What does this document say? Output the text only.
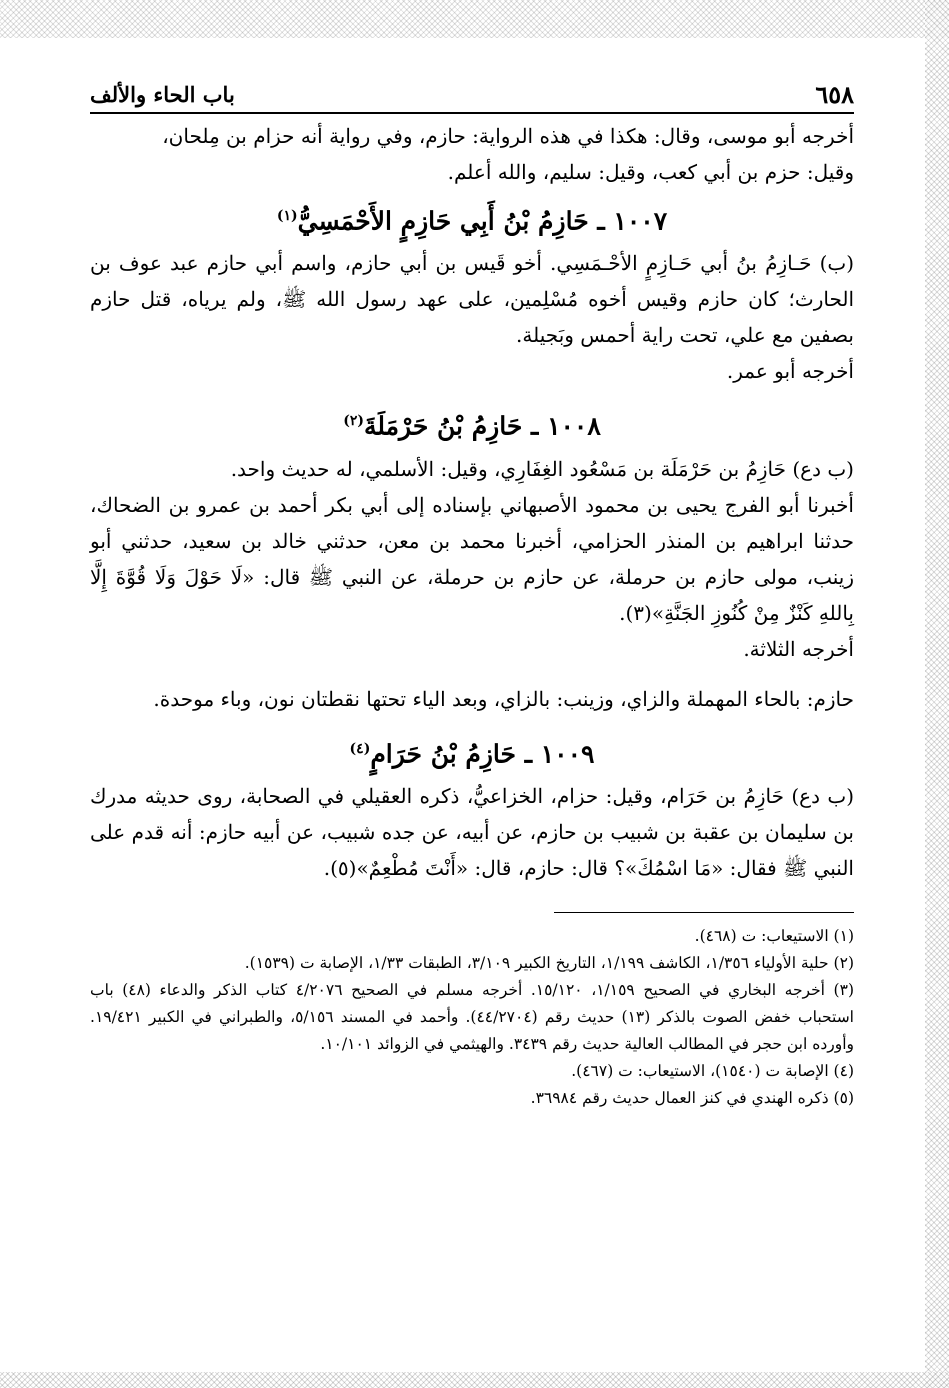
٦٥٨
باب الحاء والألف

أخرجه أبو موسى، وقال: هكذا في هذه الرواية: حازم، وفي رواية أنه حزام بن مِلحان،

وقيل: حزم بن أبي كعب، وقيل: سليم، والله أعلم.

١٠٠٧ ـ حَازِمُ بْنُ أَبِي حَازِمٍ الأَحْمَسِيُّ$^{(١)}$

(ب) حَـازِمُ بنُ أبي حَـازِمٍ الأحْـمَسِي. أخو قَيس بن أبي حازم، واسم أبي حازم عبد عوف بن الحارث؛ كان حازم وقيس أخوه مُسْلِمين، على عهد رسول الله ﷺ، ولم يرياه، قتل حازم بصفين مع علي، تحت راية أحمس وبَجيلة.

أخرجه أبو عمر.

١٠٠٨ ـ حَازِمُ بْنُ حَرْمَلَةَ$^{(٢)}$

(ب دع) حَازِمُ بن حَرْمَلَة بن مَسْعُود الغِفَارِي، وقيل: الأسلمي، له حديث واحد.

أخبرنا أبو الفرج يحيى بن محمود الأصبهاني بإسناده إلى أبي بكر أحمد بن عمرو بن الضحاك، حدثنا ابراهيم بن المنذر الحزامي، أخبرنا محمد بن معن، حدثني خالد بن سعيد، حدثني أبو زينب، مولى حازم بن حرملة، عن حازم بن حرملة، عن النبي ﷺ قال: «لَا حَوْلَ وَلَا قُوَّةَ إِلَّا بِاللهِ كَنْزٌ مِنْ كُنُوزِ الجَنَّةِ»(٣).

أخرجه الثلاثة.

حازم: بالحاء المهملة والزاي، وزينب: بالزاي، وبعد الياء تحتها نقطتان نون، وباء موحدة.

١٠٠٩ ـ حَازِمُ بْنُ حَرَامٍ$^{(٤)}$

(ب دع) حَازِمُ بن حَرَام، وقيل: حزام، الخزاعيُّ، ذكره العقيلي في الصحابة، روى حديثه مدرك بن سليمان بن عقبة بن شبيب بن حازم، عن أبيه، عن جده شبيب، عن أبيه حازم: أنه قدم على النبي ﷺ فقال: «مَا اسْمُكَ»؟ قال: حازم، قال: «أَنْتَ مُطْعِمٌ»(٥).

(١) الاستيعاب: ت (٤٦٨).

(٢) حلية الأولياء ١/٣٥٦، الكاشف ١/١٩٩، التاريخ الكبير ٣/١٠٩، الطبقات ١/٣٣، الإصابة ت (١٥٣٩).

(٣) أخرجه البخاري في الصحيح ١/١٥٩، ١٥/١٢٠. أخرجه مسلم في الصحيح ٤/٢٠٧٦ كتاب الذكر والدعاء (٤٨) باب استحباب خفض الصوت بالذكر (١٣) حديث رقم (٤٤/٢٧٠٤). وأحمد في المسند ٥/١٥٦، والطبراني في الكبير ١٩/٤٢١. وأورده ابن حجر في المطالب العالية حديث رقم ٣٤٣٩. والهيثمي في الزوائد ١٠/١٠١.

(٤) الإصابة ت (١٥٤٠)، الاستيعاب: ت (٤٦٧).

(٥) ذكره الهندي في كنز العمال حديث رقم ٣٦٩٨٤.
